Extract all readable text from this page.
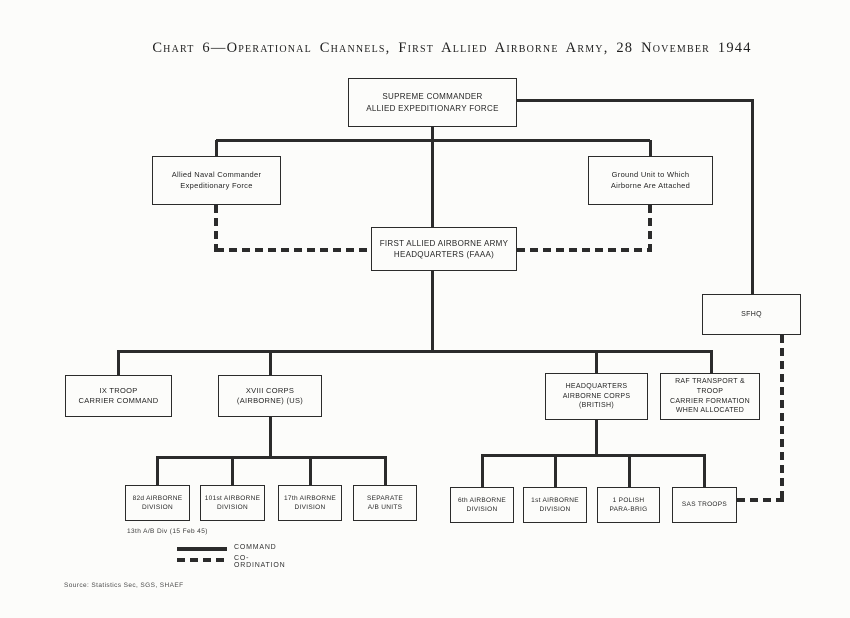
Chart 6—Operational Channels, First Allied Airborne Army, 28 November 1944
13th A/B Div (15 Feb 45)
COMMAND
CO-ORDINATION
Source: Statistics Sec, SGS, SHAEF
SUPREME COMMANDER
ALLIED EXPEDITIONARY FORCE
Allied Naval Commander
Expeditionary Force
Ground Unit to Which
Airborne Are Attached
FIRST ALLIED AIRBORNE ARMY
HEADQUARTERS (FAAA)
SFHQ
IX TROOP
CARRIER COMMAND
XVIII CORPS
(AIRBORNE) (US)
HEADQUARTERS
AIRBORNE CORPS
(BRITISH)
RAF TRANSPORT & TROOP
CARRIER FORMATION
WHEN ALLOCATED
82d AIRBORNE
DIVISION
101st AIRBORNE
DIVISION
17th AIRBORNE
DIVISION
SEPARATE
A/B UNITS
6th AIRBORNE
DIVISION
1st AIRBORNE
DIVISION
1 POLISH
PARA-BRIG
SAS TROOPS
